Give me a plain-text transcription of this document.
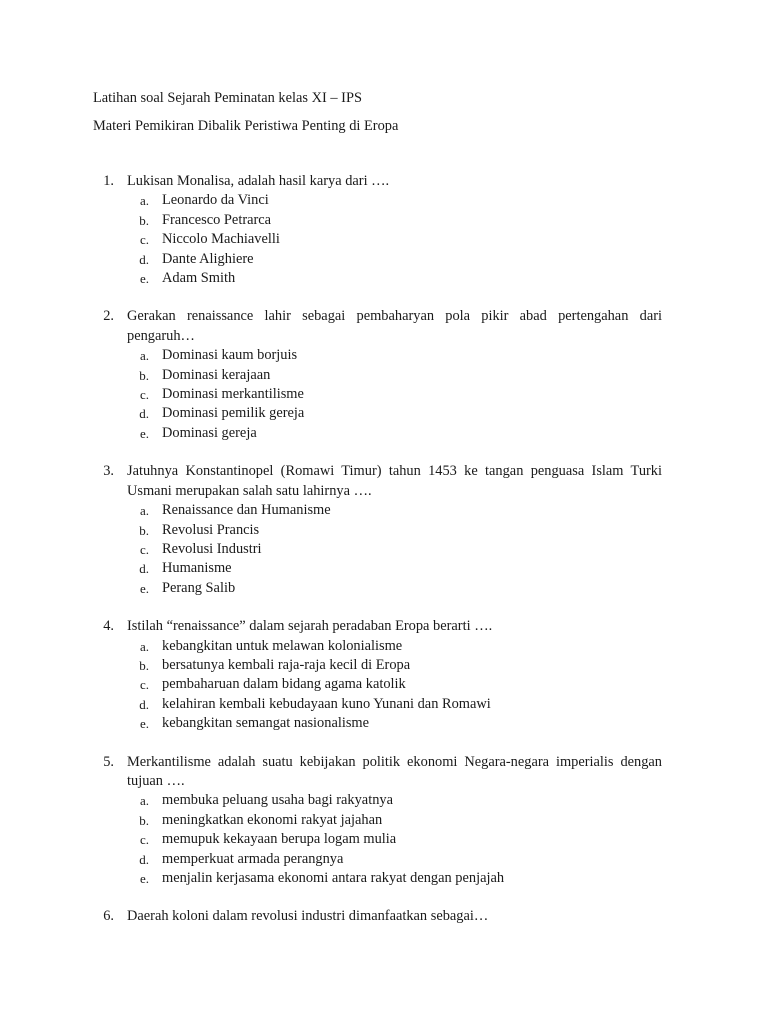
Latihan soal Sejarah Peminatan kelas XI – IPS
Materi Pemikiran Dibalik Peristiwa Penting di Eropa
1. Lukisan Monalisa, adalah hasil karya dari ….
a. Leonardo da Vinci
b. Francesco Petrarca
c. Niccolo Machiavelli
d. Dante Alighiere
e. Adam Smith
2. Gerakan renaissance lahir sebagai pembaharyan pola pikir abad pertengahan dari pengaruh…
a. Dominasi kaum borjuis
b. Dominasi kerajaan
c. Dominasi merkantilisme
d. Dominasi pemilik gereja
e. Dominasi gereja
3. Jatuhnya Konstantinopel (Romawi Timur) tahun 1453 ke tangan penguasa Islam Turki Usmani merupakan salah satu lahirnya ….
a. Renaissance dan Humanisme
b. Revolusi Prancis
c. Revolusi Industri
d. Humanisme
e. Perang Salib
4. Istilah “renaissance” dalam sejarah peradaban Eropa berarti ….
a. kebangkitan untuk melawan kolonialisme
b. bersatunya kembali raja-raja kecil di Eropa
c. pembaharuan dalam bidang agama katolik
d. kelahiran kembali kebudayaan kuno Yunani dan Romawi
e. kebangkitan semangat nasionalisme
5. Merkantilisme adalah suatu kebijakan politik ekonomi Negara-negara imperialis dengan tujuan ….
a. membuka peluang usaha bagi rakyatnya
b. meningkatkan ekonomi rakyat jajahan
c. memupuk kekayaan berupa logam mulia
d. memperkuat armada perangnya
e. menjalin kerjasama ekonomi antara rakyat dengan penjajah
6. Daerah koloni dalam revolusi industri dimanfaatkan sebagai…
